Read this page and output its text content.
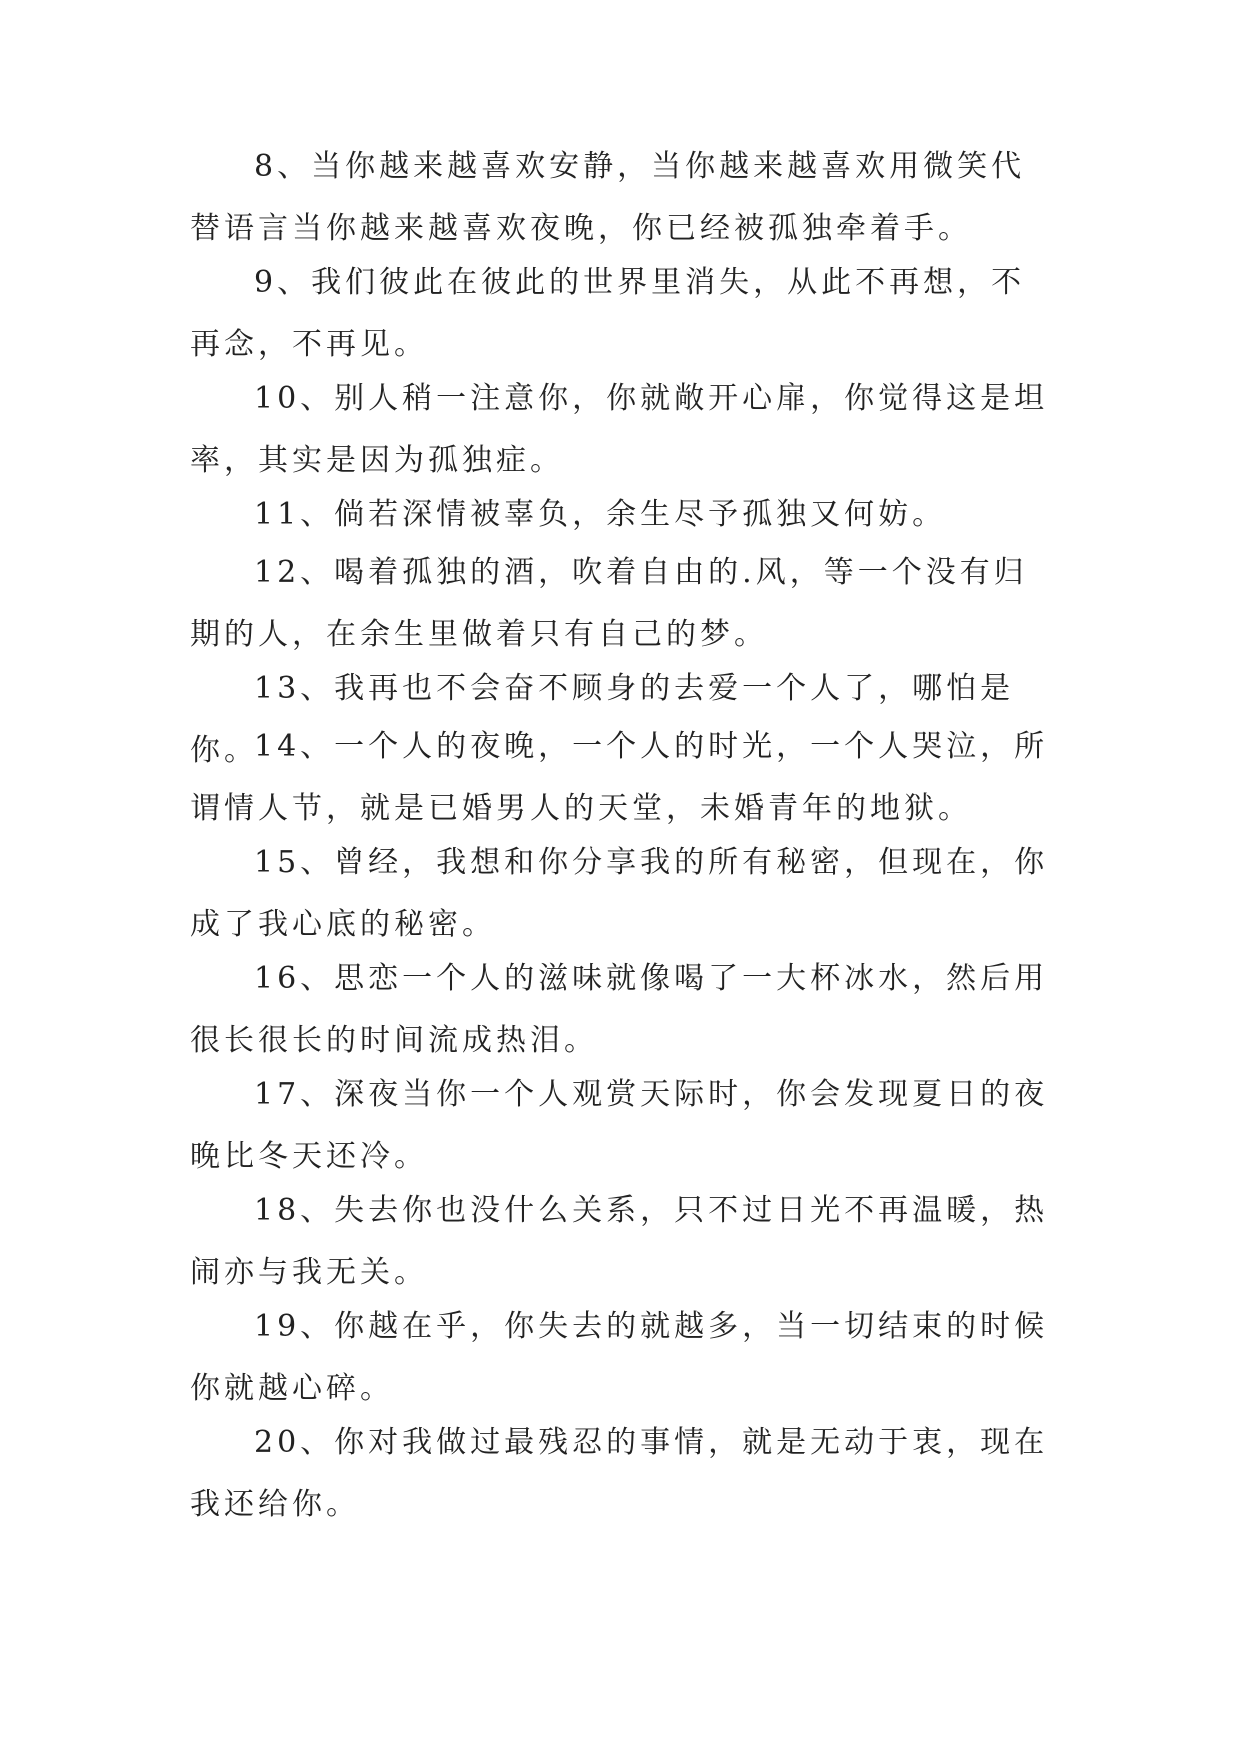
8、当你越来越喜欢安静，当你越来越喜欢用微笑代替语言当你越来越喜欢夜晚，你已经被孤独牵着手。

9、我们彼此在彼此的世界里消失，从此不再想，不再念，不再见。

10、别人稍一注意你，你就敞开心扉，你觉得这是坦率，其实是因为孤独症。

11、倘若深情被辜负，余生尽予孤独又何妨。

12、喝着孤独的酒，吹着自由的.风，等一个没有归期的人，在余生里做着只有自己的梦。

13、我再也不会奋不顾身的去爱一个人了，哪怕是你。

14、一个人的夜晚，一个人的时光，一个人哭泣，所谓情人节，就是已婚男人的天堂，未婚青年的地狱。

15、曾经，我想和你分享我的所有秘密，但现在，你成了我心底的秘密。

16、思恋一个人的滋味就像喝了一大杯冰水，然后用很长很长的时间流成热泪。

17、深夜当你一个人观赏天际时，你会发现夏日的夜晚比冬天还冷。

18、失去你也没什么关系，只不过日光不再温暖，热闹亦与我无关。

19、你越在乎，你失去的就越多，当一切结束的时候你就越心碎。

20、你对我做过最残忍的事情，就是无动于衷，现在我还给你。
